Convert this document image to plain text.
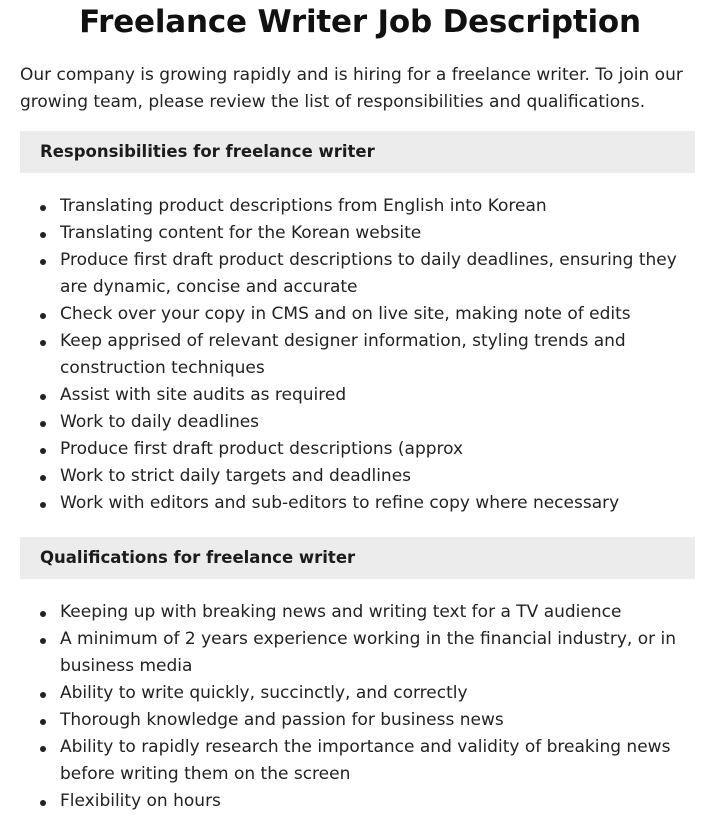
Freelance Writer Job Description

Our company is growing rapidly and is hiring for a freelance writer. To join our growing team, please review the list of responsibilities and qualifications.

Responsibilities for freelance writer
Translating product descriptions from English into Korean
Translating content for the Korean website
Produce first draft product descriptions to daily deadlines, ensuring they are dynamic, concise and accurate
Check over your copy in CMS and on live site, making note of edits
Keep apprised of relevant designer information, styling trends and construction techniques
Assist with site audits as required
Work to daily deadlines
Produce first draft product descriptions (approx
Work to strict daily targets and deadlines
Work with editors and sub-editors to refine copy where necessary
Qualifications for freelance writer
Keeping up with breaking news and writing text for a TV audience
A minimum of 2 years experience working in the financial industry, or in business media
Ability to write quickly, succinctly, and correctly
Thorough knowledge and passion for business news
Ability to rapidly research the importance and validity of breaking news before writing them on the screen
Flexibility on hours
